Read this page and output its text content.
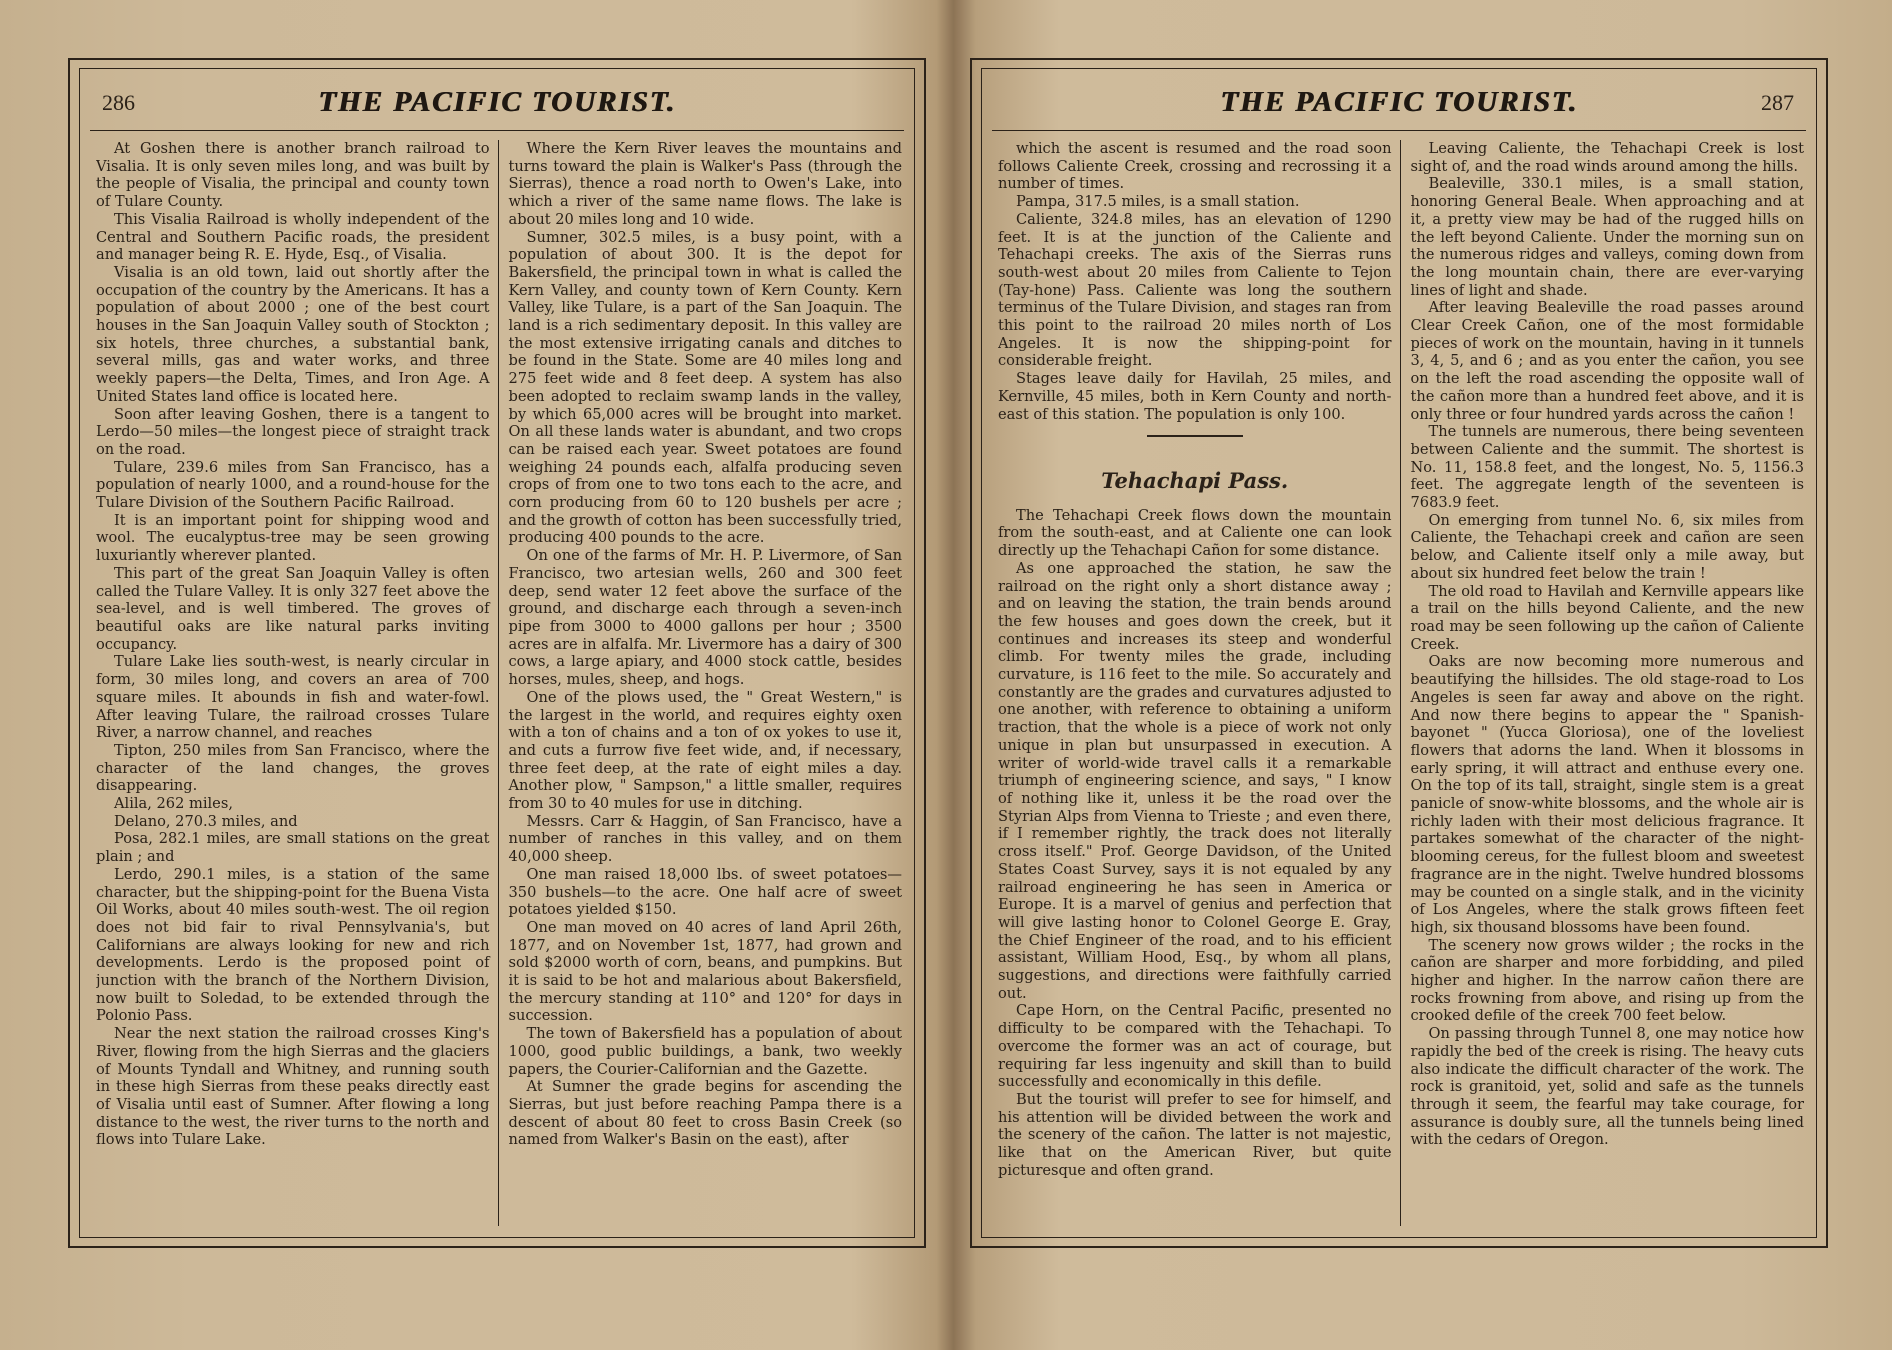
286	THE PACIFIC TOURIST.

At Goshen there is another branch railroad to Visalia. It is only seven miles long, and was built by the people of Visalia, the principal and county town of Tulare County.

This Visalia Railroad is wholly independent of the Central and Southern Pacific roads, the president and manager being R. E. Hyde, Esq., of Visalia.

Visalia is an old town, laid out shortly after the occupation of the country by the Americans. It has a population of about 2000 ; one of the best court houses in the San Joaquin Valley south of Stockton ; six hotels, three churches, a substantial bank, several mills, gas and water works, and three weekly papers—the Delta, Times, and Iron Age. A United States land office is located here.

Soon after leaving Goshen, there is a tangent to Lerdo—50 miles—the longest piece of straight track on the road.

Tulare, 239.6 miles from San Francisco, has a population of nearly 1000, and a round-house for the Tulare Division of the Southern Pacific Railroad.

It is an important point for shipping wood and wool. The eucalyptus-tree may be seen growing luxuriantly wherever planted.

This part of the great San Joaquin Valley is often called the Tulare Valley. It is only 327 feet above the sea-level, and is well timbered. The groves of beautiful oaks are like natural parks inviting occupancy.

Tulare Lake lies south-west, is nearly circular in form, 30 miles long, and covers an area of 700 square miles. It abounds in fish and water-fowl. After leaving Tulare, the railroad crosses Tulare River, a narrow channel, and reaches

Tipton, 250 miles from San Francisco, where the character of the land changes, the groves disappearing.

Alila, 262 miles,

Delano, 270.3 miles, and

Posa, 282.1 miles, are small stations on the great plain ; and

Lerdo, 290.1 miles, is a station of the same character, but the shipping-point for the Buena Vista Oil Works, about 40 miles south-west. The oil region does not bid fair to rival Pennsylvania's, but Californians are always looking for new and rich developments. Lerdo is the proposed point of junction with the branch of the Northern Division, now built to Soledad, to be extended through the Polonio Pass.

Near the next station the railroad crosses King's River, flowing from the high Sierras and the glaciers of Mounts Tyndall and Whitney, and running south in these high Sierras from these peaks directly east of Visalia until east of Sumner. After flowing a long distance to the west, the river turns to the north and flows into Tulare Lake.

Where the Kern River leaves the mountains and turns toward the plain is Walker's Pass (through the Sierras), thence a road north to Owen's Lake, into which a river of the same name flows. The lake is about 20 miles long and 10 wide.

Sumner, 302.5 miles, is a busy point, with a population of about 300. It is the depot for Bakersfield, the principal town in what is called the Kern Valley, and county town of Kern County. Kern Valley, like Tulare, is a part of the San Joaquin. The land is a rich sedimentary deposit. In this valley are the most extensive irrigating canals and ditches to be found in the State. Some are 40 miles long and 275 feet wide and 8 feet deep. A system has also been adopted to reclaim swamp lands in the valley, by which 65,000 acres will be brought into market. On all these lands water is abundant, and two crops can be raised each year. Sweet potatoes are found weighing 24 pounds each, alfalfa producing seven crops of from one to two tons each to the acre, and corn producing from 60 to 120 bushels per acre ; and the growth of cotton has been successfully tried, producing 400 pounds to the acre.

On one of the farms of Mr. H. P. Livermore, of San Francisco, two artesian wells, 260 and 300 feet deep, send water 12 feet above the surface of the ground, and discharge each through a seven-inch pipe from 3000 to 4000 gallons per hour ; 3500 acres are in alfalfa. Mr. Livermore has a dairy of 300 cows, a large apiary, and 4000 stock cattle, besides horses, mules, sheep, and hogs.

One of the plows used, the " Great Western," is the largest in the world, and requires eighty oxen with a ton of chains and a ton of ox yokes to use it, and cuts a furrow five feet wide, and, if necessary, three feet deep, at the rate of eight miles a day. Another plow, " Sampson," a little smaller, requires from 30 to 40 mules for use in ditching.

Messrs. Carr & Haggin, of San Francisco, have a number of ranches in this valley, and on them 40,000 sheep.

One man raised 18,000 lbs. of sweet potatoes—350 bushels—to the acre. One half acre of sweet potatoes yielded $150.

One man moved on 40 acres of land April 26th, 1877, and on November 1st, 1877, had grown and sold $2000 worth of corn, beans, and pumpkins. But it is said to be hot and malarious about Bakersfield, the mercury standing at 110° and 120° for days in succession.

The town of Bakersfield has a population of about 1000, good public buildings, a bank, two weekly papers, the Courier-Californian and the Gazette.

At Sumner the grade begins for ascending the Sierras, but just before reaching Pampa there is a descent of about 80 feet to cross Basin Creek (so named from Walker's Basin on the east), after

THE PACIFIC TOURIST.	287

which the ascent is resumed and the road soon follows Caliente Creek, crossing and recrossing it a number of times.

Pampa, 317.5 miles, is a small station.

Caliente, 324.8 miles, has an elevation of 1290 feet. It is at the junction of the Caliente and Tehachapi creeks. The axis of the Sierras runs south-west about 20 miles from Caliente to Tejon (Tay-hone) Pass. Caliente was long the southern terminus of the Tulare Division, and stages ran from this point to the railroad 20 miles north of Los Angeles. It is now the shipping-point for considerable freight.

Stages leave daily for Havilah, 25 miles, and Kernville, 45 miles, both in Kern County and north-east of this station. The population is only 100.

Tehachapi Pass.

The Tehachapi Creek flows down the mountain from the south-east, and at Caliente one can look directly up the Tehachapi Cañon for some distance.

As one approached the station, he saw the railroad on the right only a short distance away ; and on leaving the station, the train bends around the few houses and goes down the creek, but it continues and increases its steep and wonderful climb. For twenty miles the grade, including curvature, is 116 feet to the mile. So accurately and constantly are the grades and curvatures adjusted to one another, with reference to obtaining a uniform traction, that the whole is a piece of work not only unique in plan but unsurpassed in execution. A writer of world-wide travel calls it a remarkable triumph of engineering science, and says, " I know of nothing like it, unless it be the road over the Styrian Alps from Vienna to Trieste ; and even there, if I remember rightly, the track does not literally cross itself." Prof. George Davidson, of the United States Coast Survey, says it is not equaled by any railroad engineering he has seen in America or Europe. It is a marvel of genius and perfection that will give lasting honor to Colonel George E. Gray, the Chief Engineer of the road, and to his efficient assistant, William Hood, Esq., by whom all plans, suggestions, and directions were faithfully carried out.

Cape Horn, on the Central Pacific, presented no difficulty to be compared with the Tehachapi. To overcome the former was an act of courage, but requiring far less ingenuity and skill than to build successfully and economically in this defile.

But the tourist will prefer to see for himself, and his attention will be divided between the work and the scenery of the cañon. The latter is not majestic, like that on the American River, but quite picturesque and often grand.

Leaving Caliente, the Tehachapi Creek is lost sight of, and the road winds around among the hills.

Bealeville, 330.1 miles, is a small station, honoring General Beale. When approaching and at it, a pretty view may be had of the rugged hills on the left beyond Caliente. Under the morning sun on the numerous ridges and valleys, coming down from the long mountain chain, there are ever-varying lines of light and shade.

After leaving Bealeville the road passes around Clear Creek Cañon, one of the most formidable pieces of work on the mountain, having in it tunnels 3, 4, 5, and 6 ; and as you enter the cañon, you see on the left the road ascending the opposite wall of the cañon more than a hundred feet above, and it is only three or four hundred yards across the cañon !

The tunnels are numerous, there being seventeen between Caliente and the summit. The shortest is No. 11, 158.8 feet, and the longest, No. 5, 1156.3 feet. The aggregate length of the seventeen is 7683.9 feet.

On emerging from tunnel No. 6, six miles from Caliente, the Tehachapi creek and cañon are seen below, and Caliente itself only a mile away, but about six hundred feet below the train !

The old road to Havilah and Kernville appears like a trail on the hills beyond Caliente, and the new road may be seen following up the cañon of Caliente Creek.

Oaks are now becoming more numerous and beautifying the hillsides. The old stage-road to Los Angeles is seen far away and above on the right. And now there begins to appear the " Spanish-bayonet " (Yucca Gloriosa), one of the loveliest flowers that adorns the land. When it blossoms in early spring, it will attract and enthuse every one. On the top of its tall, straight, single stem is a great panicle of snow-white blossoms, and the whole air is richly laden with their most delicious fragrance. It partakes somewhat of the character of the night-blooming cereus, for the fullest bloom and sweetest fragrance are in the night. Twelve hundred blossoms may be counted on a single stalk, and in the vicinity of Los Angeles, where the stalk grows fifteen feet high, six thousand blossoms have been found.

The scenery now grows wilder ; the rocks in the cañon are sharper and more forbidding, and piled higher and higher. In the narrow cañon there are rocks frowning from above, and rising up from the crooked defile of the creek 700 feet below.

On passing through Tunnel 8, one may notice how rapidly the bed of the creek is rising. The heavy cuts also indicate the difficult character of the work. The rock is granitoid, yet, solid and safe as the tunnels through it seem, the fearful may take courage, for assurance is doubly sure, all the tunnels being lined with the cedars of Oregon.
